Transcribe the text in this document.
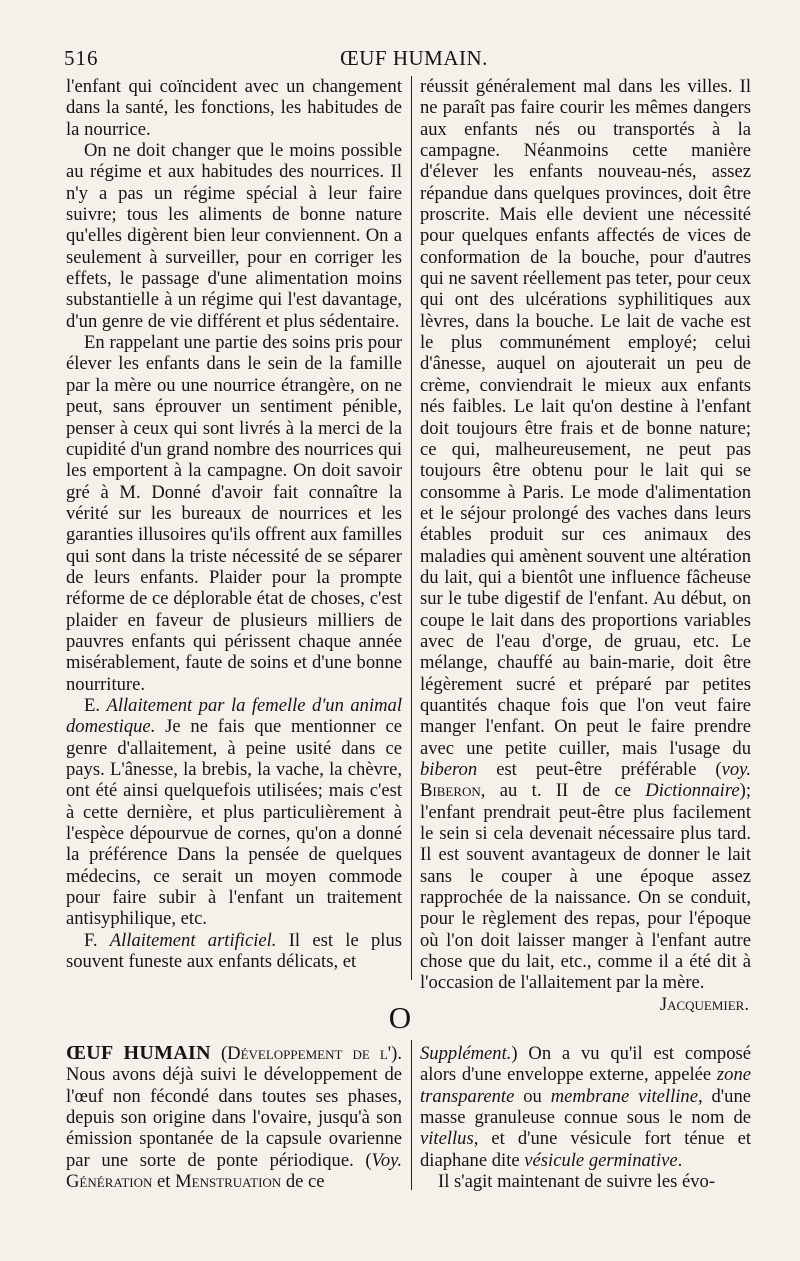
516	ŒUF HUMAIN.

l'enfant qui coïncident avec un changement dans la santé, les fonctions, les habitudes de la nourrice.

On ne doit changer que le moins possible au régime et aux habitudes des nourrices. Il n'y a pas un régime spécial à leur faire suivre; tous les aliments de bonne nature qu'elles digèrent bien leur conviennent. On a seulement à surveiller, pour en corriger les effets, le passage d'une alimentation moins substantielle à un régime qui l'est davantage, d'un genre de vie différent et plus sédentaire.

En rappelant une partie des soins pris pour élever les enfants dans le sein de la famille par la mère ou une nourrice étrangère, on ne peut, sans éprouver un sentiment pénible, penser à ceux qui sont livrés à la merci de la cupidité d'un grand nombre des nourrices qui les emportent à la campagne. On doit savoir gré à M. Donné d'avoir fait connaître la vérité sur les bureaux de nourrices et les garanties illusoires qu'ils offrent aux familles qui sont dans la triste nécessité de se séparer de leurs enfants. Plaider pour la prompte réforme de ce déplorable état de choses, c'est plaider en faveur de plusieurs milliers de pauvres enfants qui périssent chaque année misérablement, faute de soins et d'une bonne nourriture.

E. Allaitement par la femelle d'un animal domestique. Je ne fais que mentionner ce genre d'allaitement, à peine usité dans ce pays. L'ânesse, la brebis, la vache, la chèvre, ont été ainsi quelquefois utilisées; mais c'est à cette dernière, et plus particulièrement à l'espèce dépourvue de cornes, qu'on a donné la préférence Dans la pensée de quelques médecins, ce serait un moyen commode pour faire subir à l'enfant un traitement antisyphilique, etc.

F. Allaitement artificiel. Il est le plus souvent funeste aux enfants délicats, et

réussit généralement mal dans les villes. Il ne paraît pas faire courir les mêmes dangers aux enfants nés ou transportés à la campagne. Néanmoins cette manière d'élever les enfants nouveau-nés, assez répandue dans quelques provinces, doit être proscrite. Mais elle devient une nécessité pour quelques enfants affectés de vices de conformation de la bouche, pour d'autres qui ne savent réellement pas teter, pour ceux qui ont des ulcérations syphilitiques aux lèvres, dans la bouche. Le lait de vache est le plus communément employé; celui d'ânesse, auquel on ajouterait un peu de crème, conviendrait le mieux aux enfants nés faibles. Le lait qu'on destine à l'enfant doit toujours être frais et de bonne nature; ce qui, malheureusement, ne peut pas toujours être obtenu pour le lait qui se consomme à Paris. Le mode d'alimentation et le séjour prolongé des vaches dans leurs étables produit sur ces animaux des maladies qui amènent souvent une altération du lait, qui a bientôt une influence fâcheuse sur le tube digestif de l'enfant. Au début, on coupe le lait dans des proportions variables avec de l'eau d'orge, de gruau, etc. Le mélange, chauffé au bain-marie, doit être légèrement sucré et préparé par petites quantités chaque fois que l'on veut faire manger l'enfant. On peut le faire prendre avec une petite cuiller, mais l'usage du biberon est peut-être préférable (voy. Biberon, au t. II de ce Dictionnaire); l'enfant prendrait peut-être plus facilement le sein si cela devenait nécessaire plus tard. Il est souvent avantageux de donner le lait sans le couper à une époque assez rapprochée de la naissance. On se conduit, pour le règlement des repas, pour l'époque où l'on doit laisser manger à l'enfant autre chose que du lait, etc., comme il a été dit à l'occasion de l'allaitement par la mère.

Jacquemier.

O

ŒUF HUMAIN (Développement de l'). Nous avons déjà suivi le développement de l'œuf non fécondé dans toutes ses phases, depuis son origine dans l'ovaire, jusqu'à son émission spontanée de la capsule ovarienne par une sorte de ponte périodique. (Voy. Génération et Menstruation de ce

Supplément.) On a vu qu'il est composé alors d'une enveloppe externe, appelée zone transparente ou membrane vitelline, d'une masse granuleuse connue sous le nom de vitellus, et d'une vésicule fort ténue et diaphane dite vésicule germinative.

Il s'agit maintenant de suivre les évo-
